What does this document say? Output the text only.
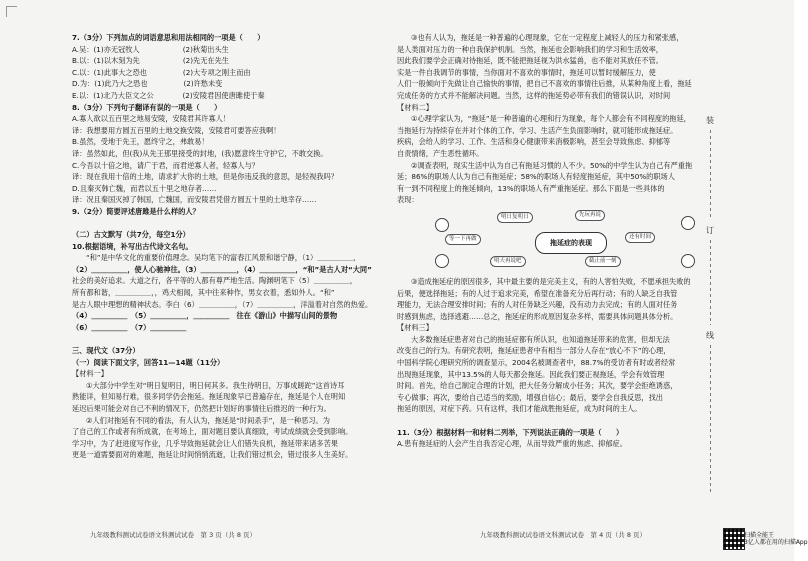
7.（3分）下列加点的词语意思和用法相同的一项是（　　）

A.吴：(1)亦无冠牧人　　　　　　(2)秋菊出头生

B.以：(1)以木刻为先　　　　　　(2)先无在先生

C.以：(1)此事大之恐也　　　　　(2)大专项之刚主而由

D.为：(1)此乃大之恐也　　　　　(2)许愁未变

E.以：(1)北乃大臣文之公　　　　(2)安陵君因使唐雎使于秦

8.（3分）下列句子翻译有误的一项是（　　）

A.寡人欲以五百里之地易安陵，安陵君其许寡人！

译：我想要用方圆五百里的土地交换安陵，安陵君可要答应我啊！

B.虽然，受地于先王，愿终守之，弗敢易！

译：虽然如此，但(我)从先王那里接受的封地，(我)愿意终生守护它，不敢交换。

C.今吾以十倍之地，请广于君，而君逆寡人者，轻寡人与？

译：现在我用十倍的土地，请求扩大你的土地，但是你违反我的意思，是轻视我吗？

D.且秦灭韩亡魏，而君以五十里之地存者……

译：况且秦国灭掉了韩国，亡魏国，而安陵君凭借方圆五十里的土地幸存……

9.（2分）简要评述唐雎是什么样的人？

（二）古文默写（共7分，每空1分）

10.根据语境，补写出古代诗文名句。

“和”是中华文化的重要价值理念。吴均笔下的富春江风景和谐宁静，（1）＿＿＿＿＿，

（2）＿＿＿＿＿，使人心驰神往。（3）＿＿＿＿＿，（4）＿＿＿＿＿，“和”是古人对“大同”

社会的美好追求。大道之行，各平等的人都有尊严地生活。陶渊明笔下（5）＿＿＿＿＿，

所有都和谐，＿＿＿＿＿，，鸡犬相闻，其中往来种作，男女衣着，悉如外人。“和”

是古人眼中理想的精神状态。李白（6）＿＿＿＿＿，（7）＿＿＿＿＿，洋溢着对自然的热爱。

（4）＿＿＿＿＿　（5）＿＿＿＿＿，＿＿＿＿＿　往在《游山》中描写山间的景物

（6）＿＿＿＿＿　（7）＿＿＿＿＿

三、现代文（37分）

（一）阅读下面文字，回答11—14题（11分）

【材料一】

①大部分中学生对“明日复明日，明日何其多。我生待明日，万事成蹉跎”这首诗耳

熟能详，但知易行难，很多同学仍会拖延。拖延现象早已普遍存在，拖延是个人在明知

延迟后果可能会对自己不利的情况下，仍然把计划好的事情往后推迟的一种行为。

②人们对拖延有不同的看法，有人认为，拖延是“时间杀手”，是一种恶习。为

了自己的工作或者有所成就，在考场上，面对题目要认真细致，考试成绩就会受到影响。

学习中，为了赶进度写作业，几乎导致拖延就会让人们错失良机，拖延带来诸多苦果

更是一道需要面对的难题，拖延让时间悄悄流逝，让我们错过机会，错过很多人生美好。

③也有人认为，拖延是一种普遍的心理现象，它在一定程度上减轻人的压力和紧张感，

是人类面对压力的一种自我保护机制。当然，拖延也会影响我们的学习和生活效率，

因此我们要学会正确对待拖延，既不能把拖延视为洪水猛兽，也不能对其放任不管。

实是一件自我调节的事情，当你面对不喜欢的事情时，拖延可以暂时缓解压力，使

人们一般倾向于先做让自己愉快的事情，把自己不喜欢的事情往后推，从某种角度上看，拖延

完成任务的方式并不能解决问题。当然，这样的拖延势必带有我们的错误认识，对时间

【材料二】

①心理学家认为，“拖延”是一种普遍的心理和行为现象，每个人都会有不同程度的拖延，

当拖延行为持续存在并对个体的工作、学习、生活产生负面影响时，就可能形成拖延症。

疾病，会给人的学习、工作、生活和身心健康带来消极影响，甚至会导致焦虑、抑郁等

自责情绪，产生恶性循环。

②调查表明，现实生活中认为自己有拖延习惯的人不少。50%的中学生认为自己有严重拖

延；86%的职场人认为自己有拖延症；58%的职场人有轻度拖延症，其中50%的职场人

有一到不同程度上的拖延倾向，13%的职场人有严重拖延症。那么下面是一些具体的

表现：

拖延症的表现
明日复明日	先玩再说
等一下再做	还有时间
明天再说吧	截止前一刻

③造成拖延症的原因很多，其中最主要的是完美主义，有的人害怕失败，不愿承担失败的

后果，便选择拖延；有的人过于追求完美，希望在准备充分后再行动；有的人缺乏自我管

理能力，无法合理安排时间；有的人对任务缺乏兴趣，没有动力去完成；有的人面对任务

时感到焦虑，选择逃避……总之，拖延症的形成原因复杂多样，需要具体问题具体分析。

【材料三】

大多数拖延症患者对自己的拖延症都有所认识，也知道拖延带来的危害，但却无法

改变自己的行为。有研究表明，拖延症患者中有相当一部分人存在“放心不下”的心理，

中国科学院心理研究所的调查显示，2004名被调查者中，88.7%的受访者有时或者经常

出现拖延现象，其中13.5%的人每天都会拖延。因此我们要正视拖延，学会有效管理

时间。首先，给自己制定合理的计划，把大任务分解成小任务；其次，要学会拒绝诱惑，

专心做事；再次，要给自己适当的奖励，增强自信心；最后，要学会自我反思，找出

拖延的原因，对症下药。只有这样，我们才能战胜拖延症，成为时间的主人。

11.（3分）根据材料一和材料二列举，下列说法正确的一项是（　　）

A.患有拖延症的人会产生自我否定心理，从而导致严重的焦虑、抑郁症。

九年级教科测试试卷语文科测试试卷　第 3 页（共 8 页）	九年级教科测试试卷语文科测试试卷　第 4 页（共 8 页）
装
订
线
扫描全能王
3亿人都在用的扫描App
